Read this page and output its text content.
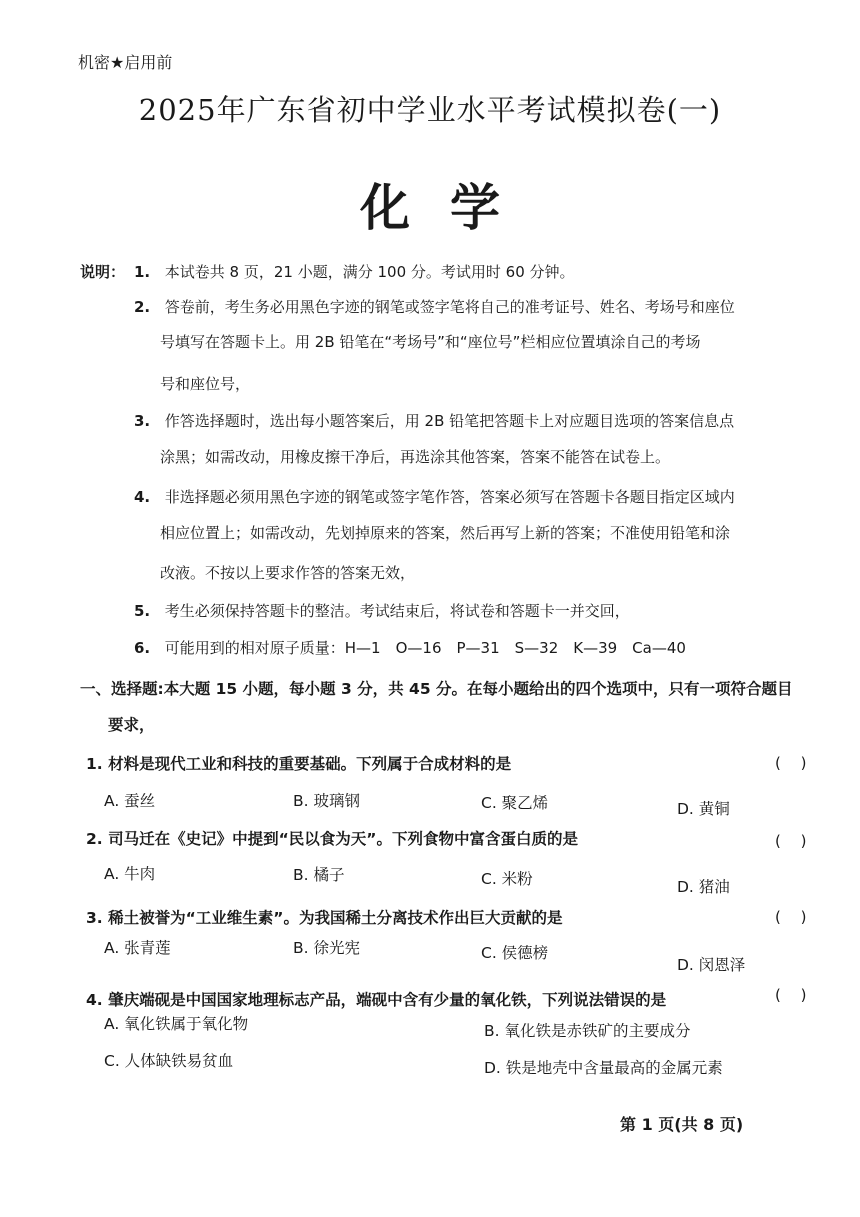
机密★启用前
2025年广东省初中学业水平考试模拟卷(一)
化学
说明： 1. 本试卷共 8 页，21 小题，满分 100 分。考试用时 60 分钟。
2. 答卷前，考生务必用黑色字迹的钢笔或签字笔将自己的准考证号、姓名、考场号和座位
号填写在答题卡上。用 2B 铅笔在“考场号”和“座位号”栏相应位置填涂自己的考场
号和座位号，
3. 作答选择题时，选出每小题答案后，用 2B 铅笔把答题卡上对应题目选项的答案信息点
涂黑；如需改动，用橡皮擦干净后，再选涂其他答案，答案不能答在试卷上。
4. 非选择题必须用黑色字迹的钢笔或签字笔作答，答案必须写在答题卡各题目指定区域内
相应位置上；如需改动，先划掉原来的答案，然后再写上新的答案；不准使用铅笔和涂
改液。不按以上要求作答的答案无效，
5. 考生必须保持答题卡的整洁。考试结束后，将试卷和答题卡一并交回，
6. 可能用到的相对原子质量：H—1　O—16　P—31　S—32　K—39　Ca—40
一、选择题:本大题 15 小题，每小题 3 分，共 45 分。在每小题给出的四个选项中，只有一项符合题目
要求，
1. 材料是现代工业和科技的重要基础。下列属于合成材料的是	(　 )
A. 蚕丝	B. 玻璃钢	C. 聚乙烯	D. 黄铜
2. 司马迁在《史记》中提到“民以食为天”。下列食物中富含蛋白质的是	(　 )
A. 牛肉	B. 橘子	C. 米粉	D. 猪油
3. 稀土被誉为“工业维生素”。为我国稀土分离技术作出巨大贡献的是	(　 )
A. 张青莲	B. 徐光宪	C. 侯德榜
D. 闵恩泽
4. 肇庆端砚是中国国家地理标志产品，端砚中含有少量的氧化铁，下列说法错误的是	(　 )
A. 氧化铁属于氧化物	B. 氧化铁是赤铁矿的主要成分
C. 人体缺铁易贫血	D. 铁是地壳中含量最高的金属元素
第 1 页(共 8 页)
